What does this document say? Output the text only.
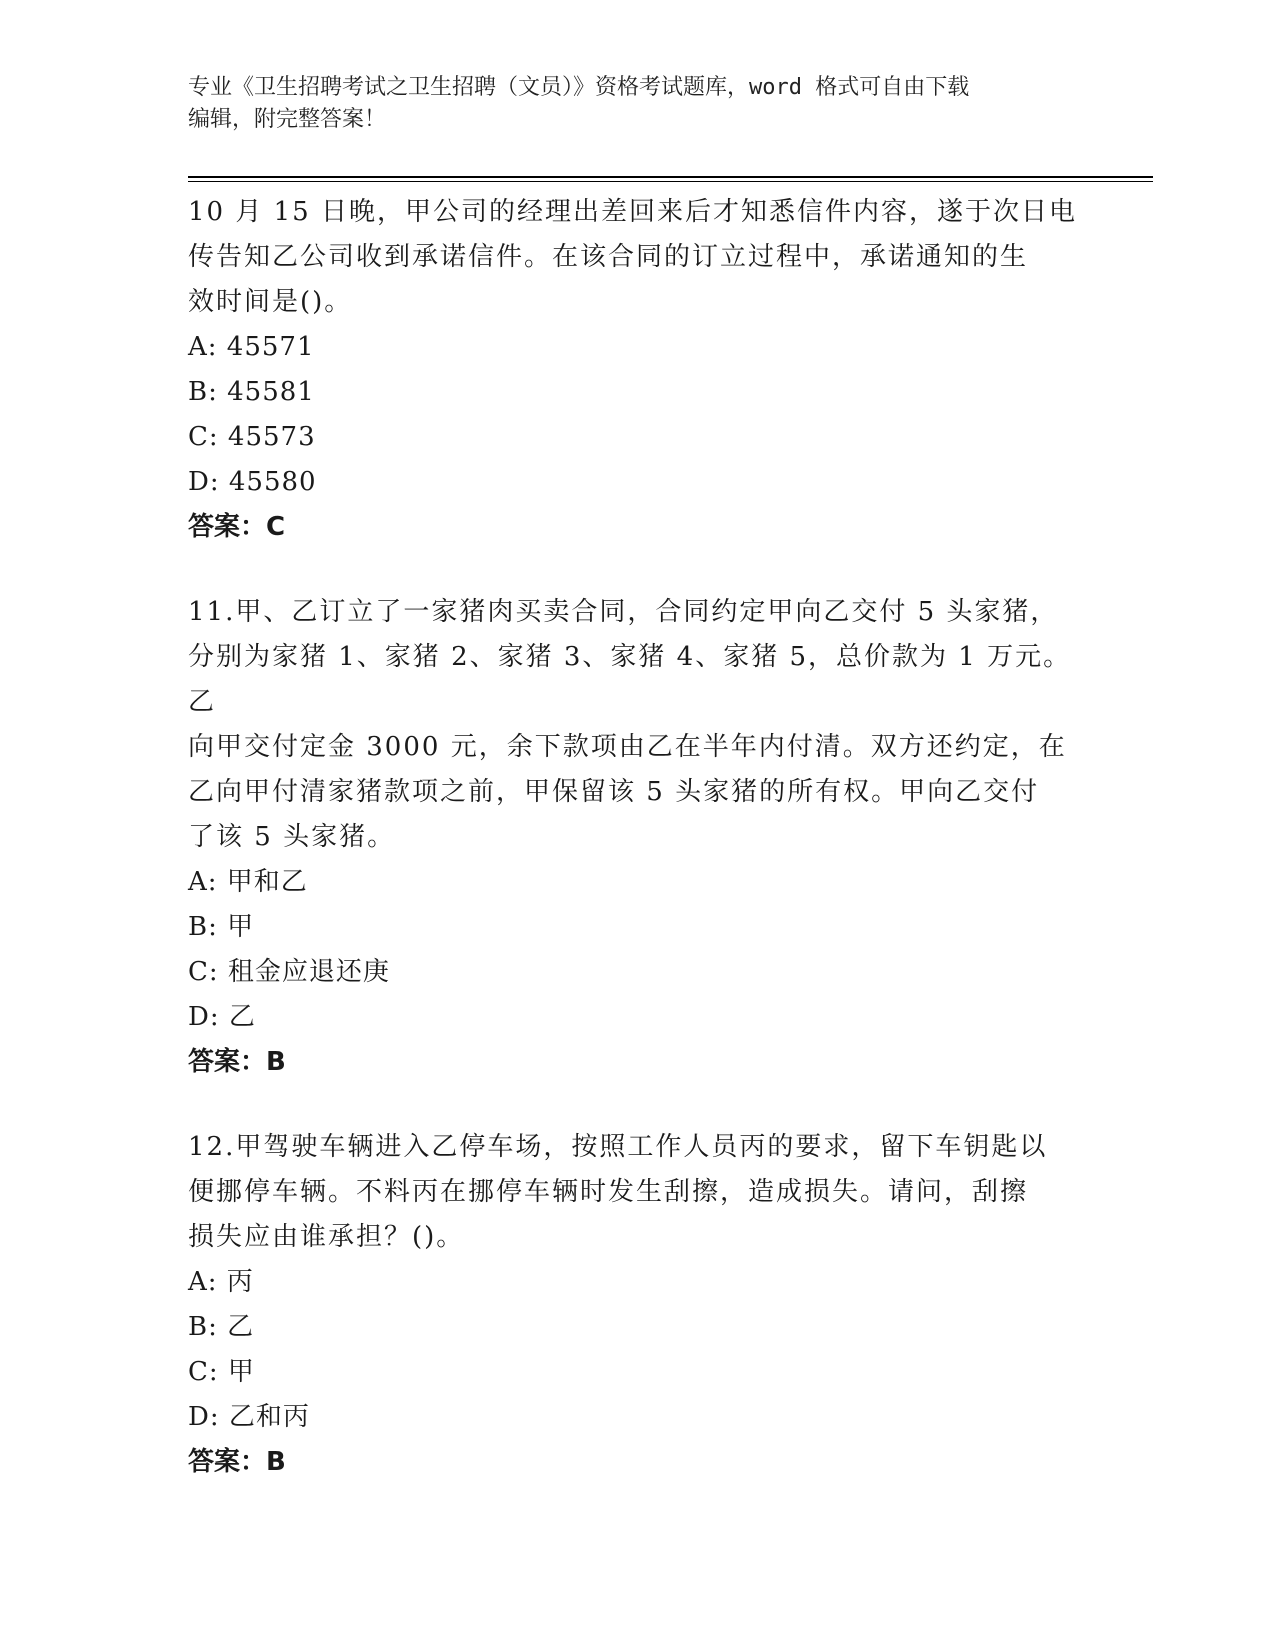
专业《卫生招聘考试之卫生招聘（文员）》资格考试题库，word 格式可自由下载

编辑，附完整答案！

10 月 15 日晚，甲公司的经理出差回来后才知悉信件内容，遂于次日电

传告知乙公司收到承诺信件。在该合同的订立过程中，承诺通知的生

效时间是()。

A: 45571

B: 45581

C: 45573

D: 45580

答案：C

11.甲、乙订立了一家猪肉买卖合同，合同约定甲向乙交付 5 头家猪，

分别为家猪 1、家猪 2、家猪 3、家猪 4、家猪 5，总价款为 1 万元。乙

向甲交付定金 3000 元，余下款项由乙在半年内付清。双方还约定，在

乙向甲付清家猪款项之前，甲保留该 5 头家猪的所有权。甲向乙交付

了该 5 头家猪。

A: 甲和乙

B: 甲

C: 租金应退还庚

D: 乙

答案：B

12.甲驾驶车辆进入乙停车场，按照工作人员丙的要求，留下车钥匙以

便挪停车辆。不料丙在挪停车辆时发生刮擦，造成损失。请问，刮擦

损失应由谁承担？()。

A: 丙

B: 乙

C: 甲

D: 乙和丙

答案：B
